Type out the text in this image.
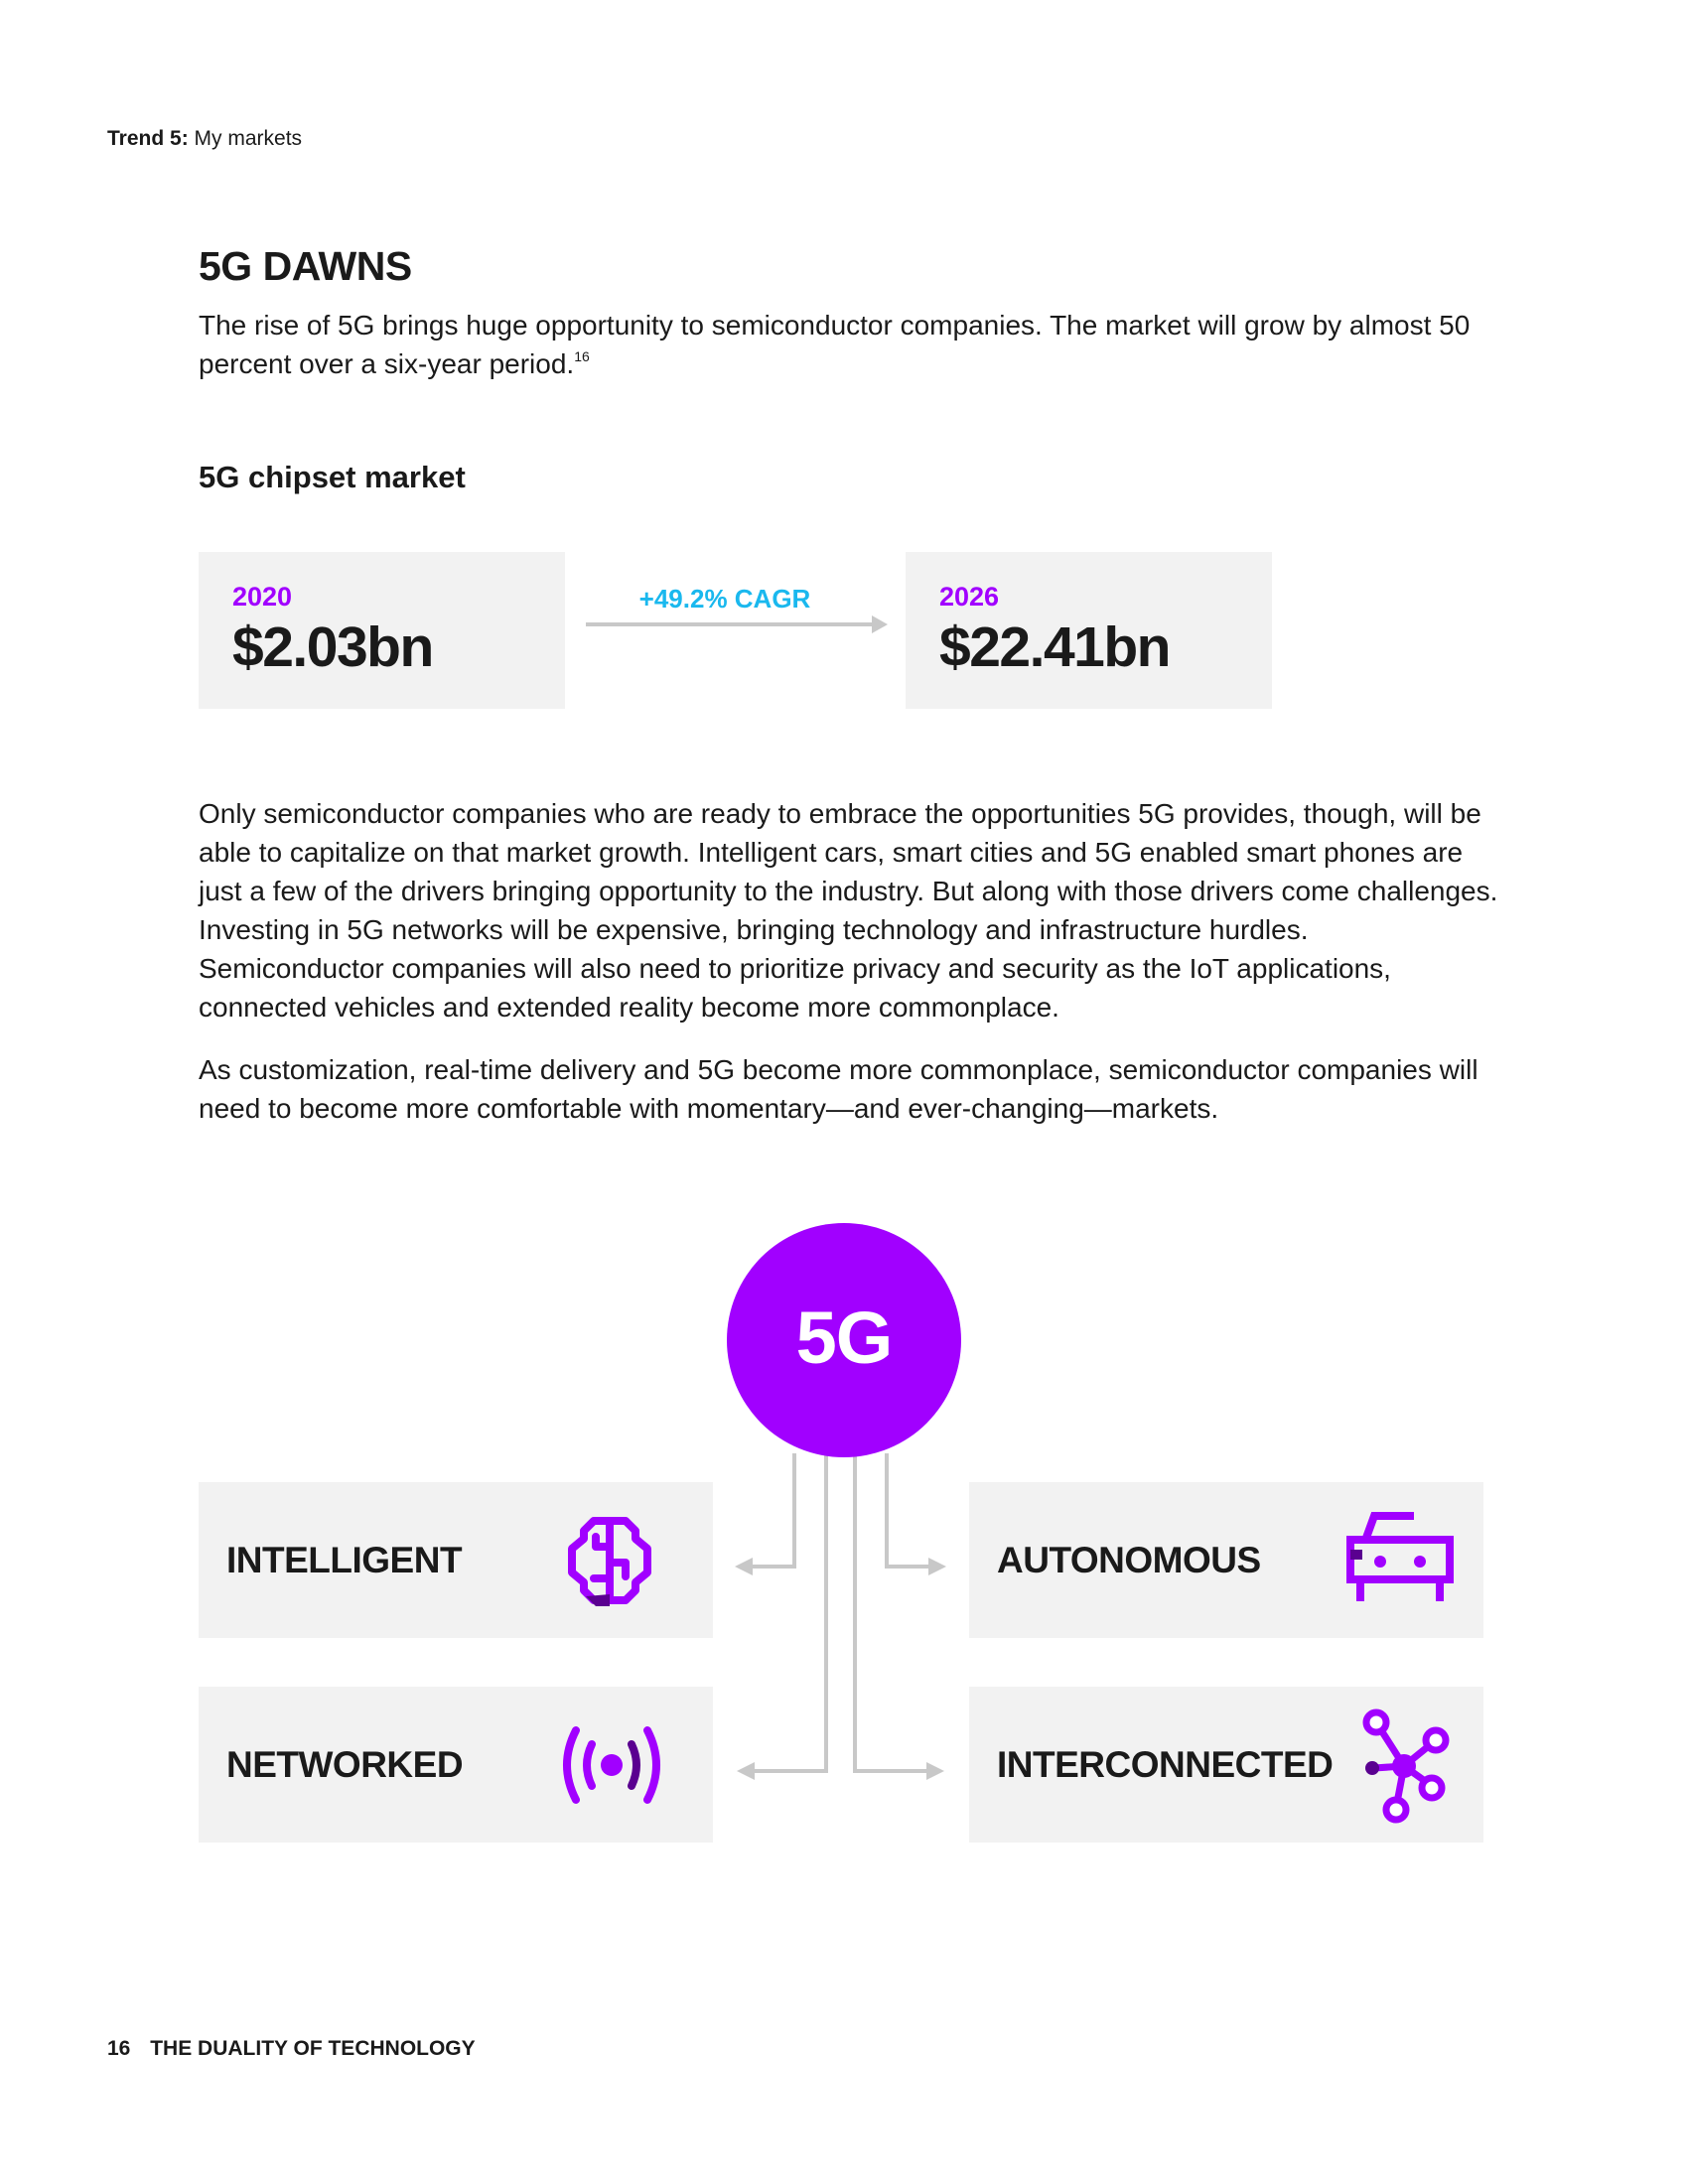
Trend 5: My markets
5G DAWNS

The rise of 5G brings huge opportunity to semiconductor companies. The market will grow by almost 50 percent over a six-year period.$^{16}$

5G chipset market
2020
$2.03bn
+49.2% CAGR	2026
$22.41bn

Only semiconductor companies who are ready to embrace the opportunities 5G provides, though, will be able to capitalize on that market growth. Intelligent cars, smart cities and 5G enabled smart phones are just a few of the drivers bringing opportunity to the industry. But along with those drivers come challenges. Investing in 5G networks will be expensive, bringing technology and infrastructure hurdles. Semiconductor companies will also need to prioritize privacy and security as the IoT applications, connected vehicles and extended reality become more commonplace.

As customization, real-time delivery and 5G become more commonplace, semiconductor companies will need to become more comfortable with momentary—and ever-changing—markets.

5G
INTELLIGENT	AUTONOMOUS
NETWORKED	INTERCONNECTED
16 THE DUALITY OF TECHNOLOGY
